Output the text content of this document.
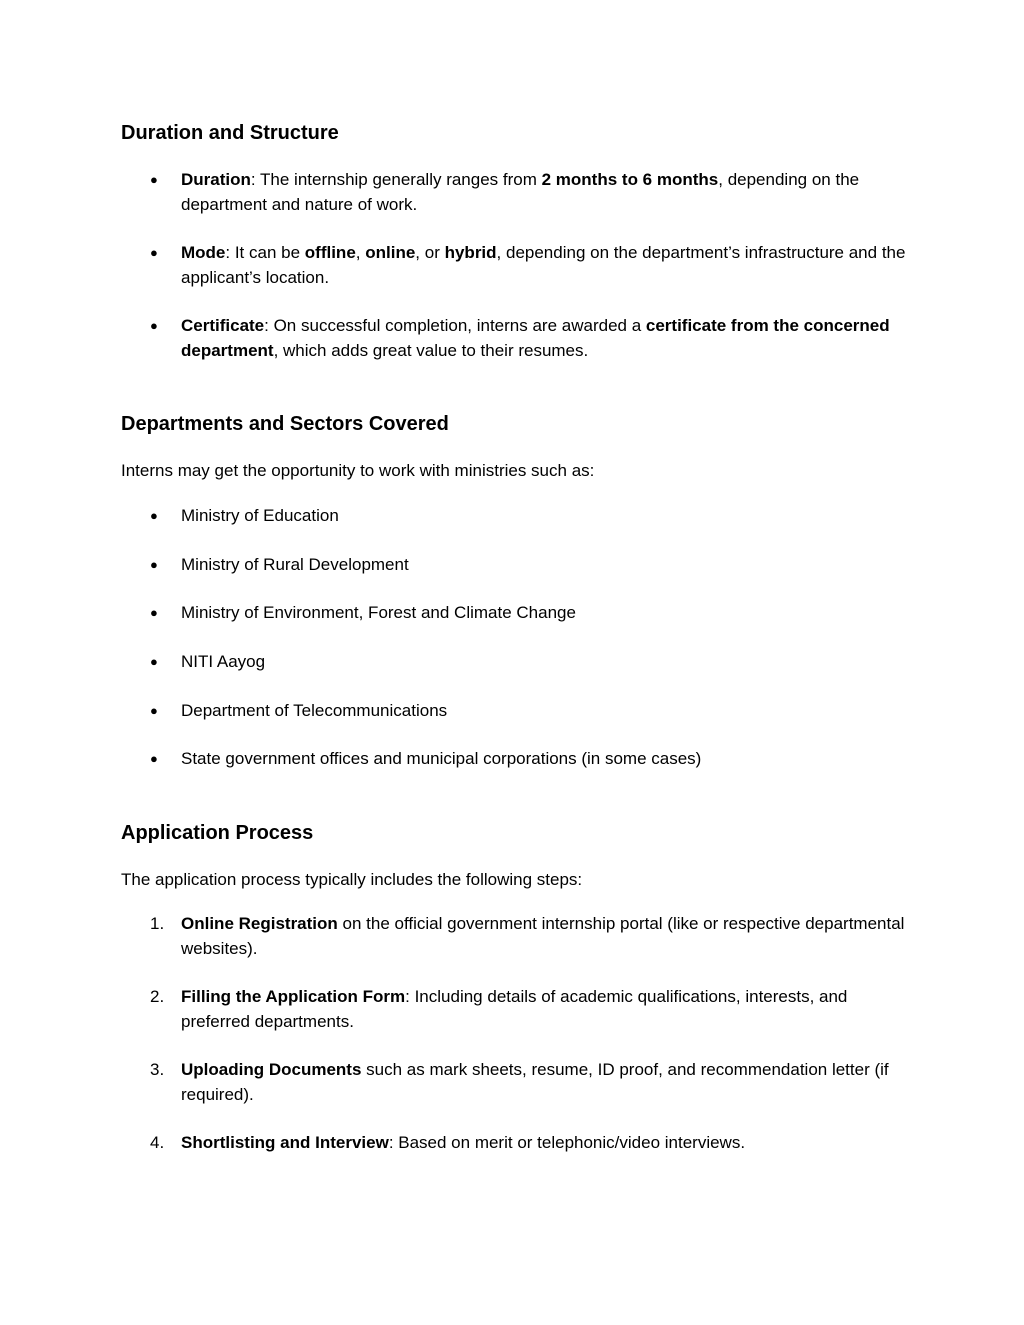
Duration and Structure
●	Duration: The internship generally ranges from 2 months to 6 months, depending on the department and nature of work.
●	Mode: It can be offline, online, or hybrid, depending on the department’s infrastructure and the applicant’s location.
●	Certificate: On successful completion, interns are awarded a certificate from the concerned department, which adds great value to their resumes.
Departments and Sectors Covered

Interns may get the opportunity to work with ministries such as:

●	Ministry of Education
●	Ministry of Rural Development
●	Ministry of Environment, Forest and Climate Change
●	NITI Aayog
●	Department of Telecommunications
●	State government offices and municipal corporations (in some cases)
Application Process

The application process typically includes the following steps:

1. Online Registration on the official government internship portal (like or respective departmental websites).
2. Filling the Application Form: Including details of academic qualifications, interests, and preferred departments.
3. Uploading Documents such as mark sheets, resume, ID proof, and recommendation letter (if required).
4. Shortlisting and Interview: Based on merit or telephonic/video interviews.
